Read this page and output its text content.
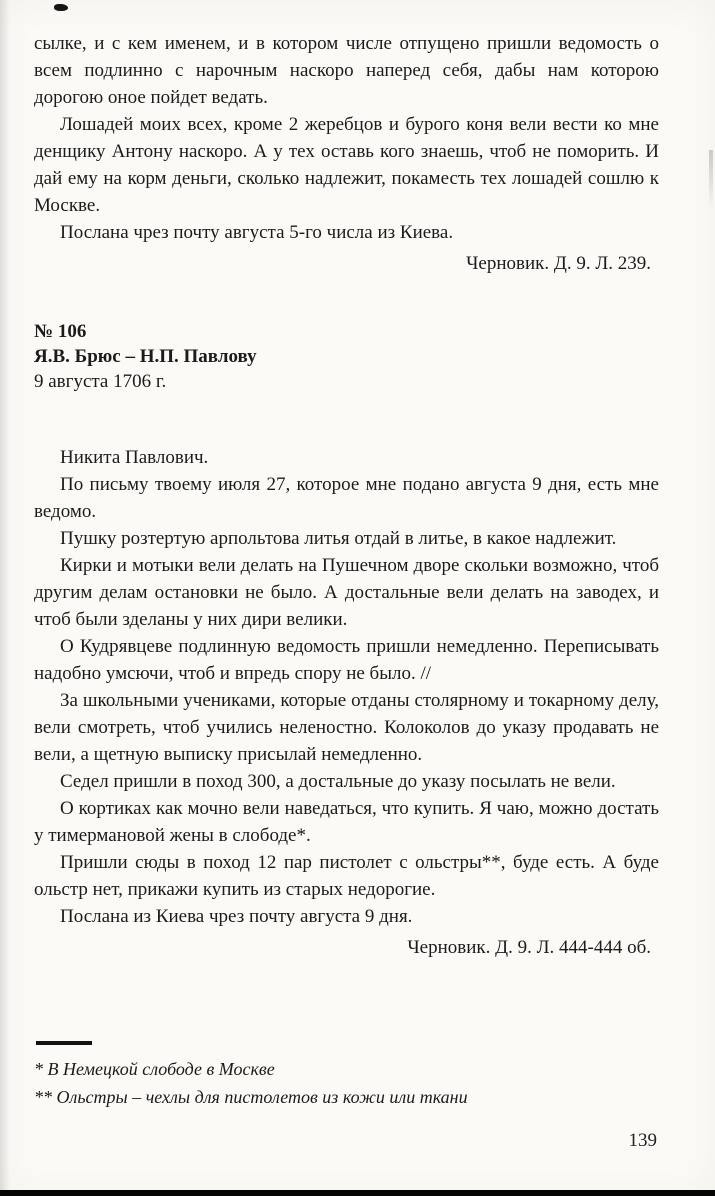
сылке, и с кем именем, и в котором числе отпущено пришли ведомость о всем подлинно с нарочным наскоро наперед себя, дабы нам которою дорогою оное пойдет ведать.

Лошадей моих всех, кроме 2 жеребцов и бурого коня вели вести ко мне денщику Антону наскоро. А у тех оставь кого знаешь, чтоб не поморить. И дай ему на корм деньги, сколько надлежит, покаместь тех лошадей сошлю к Москве.

Послана чрез почту августа 5-го числа из Киева.

Черновик. Д. 9. Л. 239.

№ 106

Я.В. Брюс – Н.П. Павлову

9 августа 1706 г.

Никита Павлович.

По письму твоему июля 27, которое мне подано августа 9 дня, есть мне ведомо.

Пушку розтертую арпольтова литья отдай в литье, в какое надлежит.

Кирки и мотыки вели делать на Пушечном дворе скольки возможно, чтоб другим делам остановки не было. А достальные вели делать на заводех, и чтоб были зделаны у них дири велики.

О Кудрявцеве подлинную ведомость пришли немедленно. Переписывать надобно умсючи, чтоб и впредь спору не было. //

За школьными учениками, которые отданы столярному и токарному делу, вели смотреть, чтоб учились неленостно. Колоколов до указу продавать не вели, а щетную выписку присылай немедленно.

Седел пришли в поход 300, а достальные до указу посылать не вели.

О кортиках как мочно вели наведаться, что купить. Я чаю, можно достать у тимермановой жены в слободе*.

Пришли сюды в поход 12 пар пистолет с ольстры**, буде есть. А буде ольстр нет, прикажи купить из старых недорогие.

Послана из Киева чрез почту августа 9 дня.

Черновик. Д. 9. Л. 444-444 об.

* В Немецкой слободе в Москве

** Ольстры – чехлы для пистолетов из кожи или ткани

139
